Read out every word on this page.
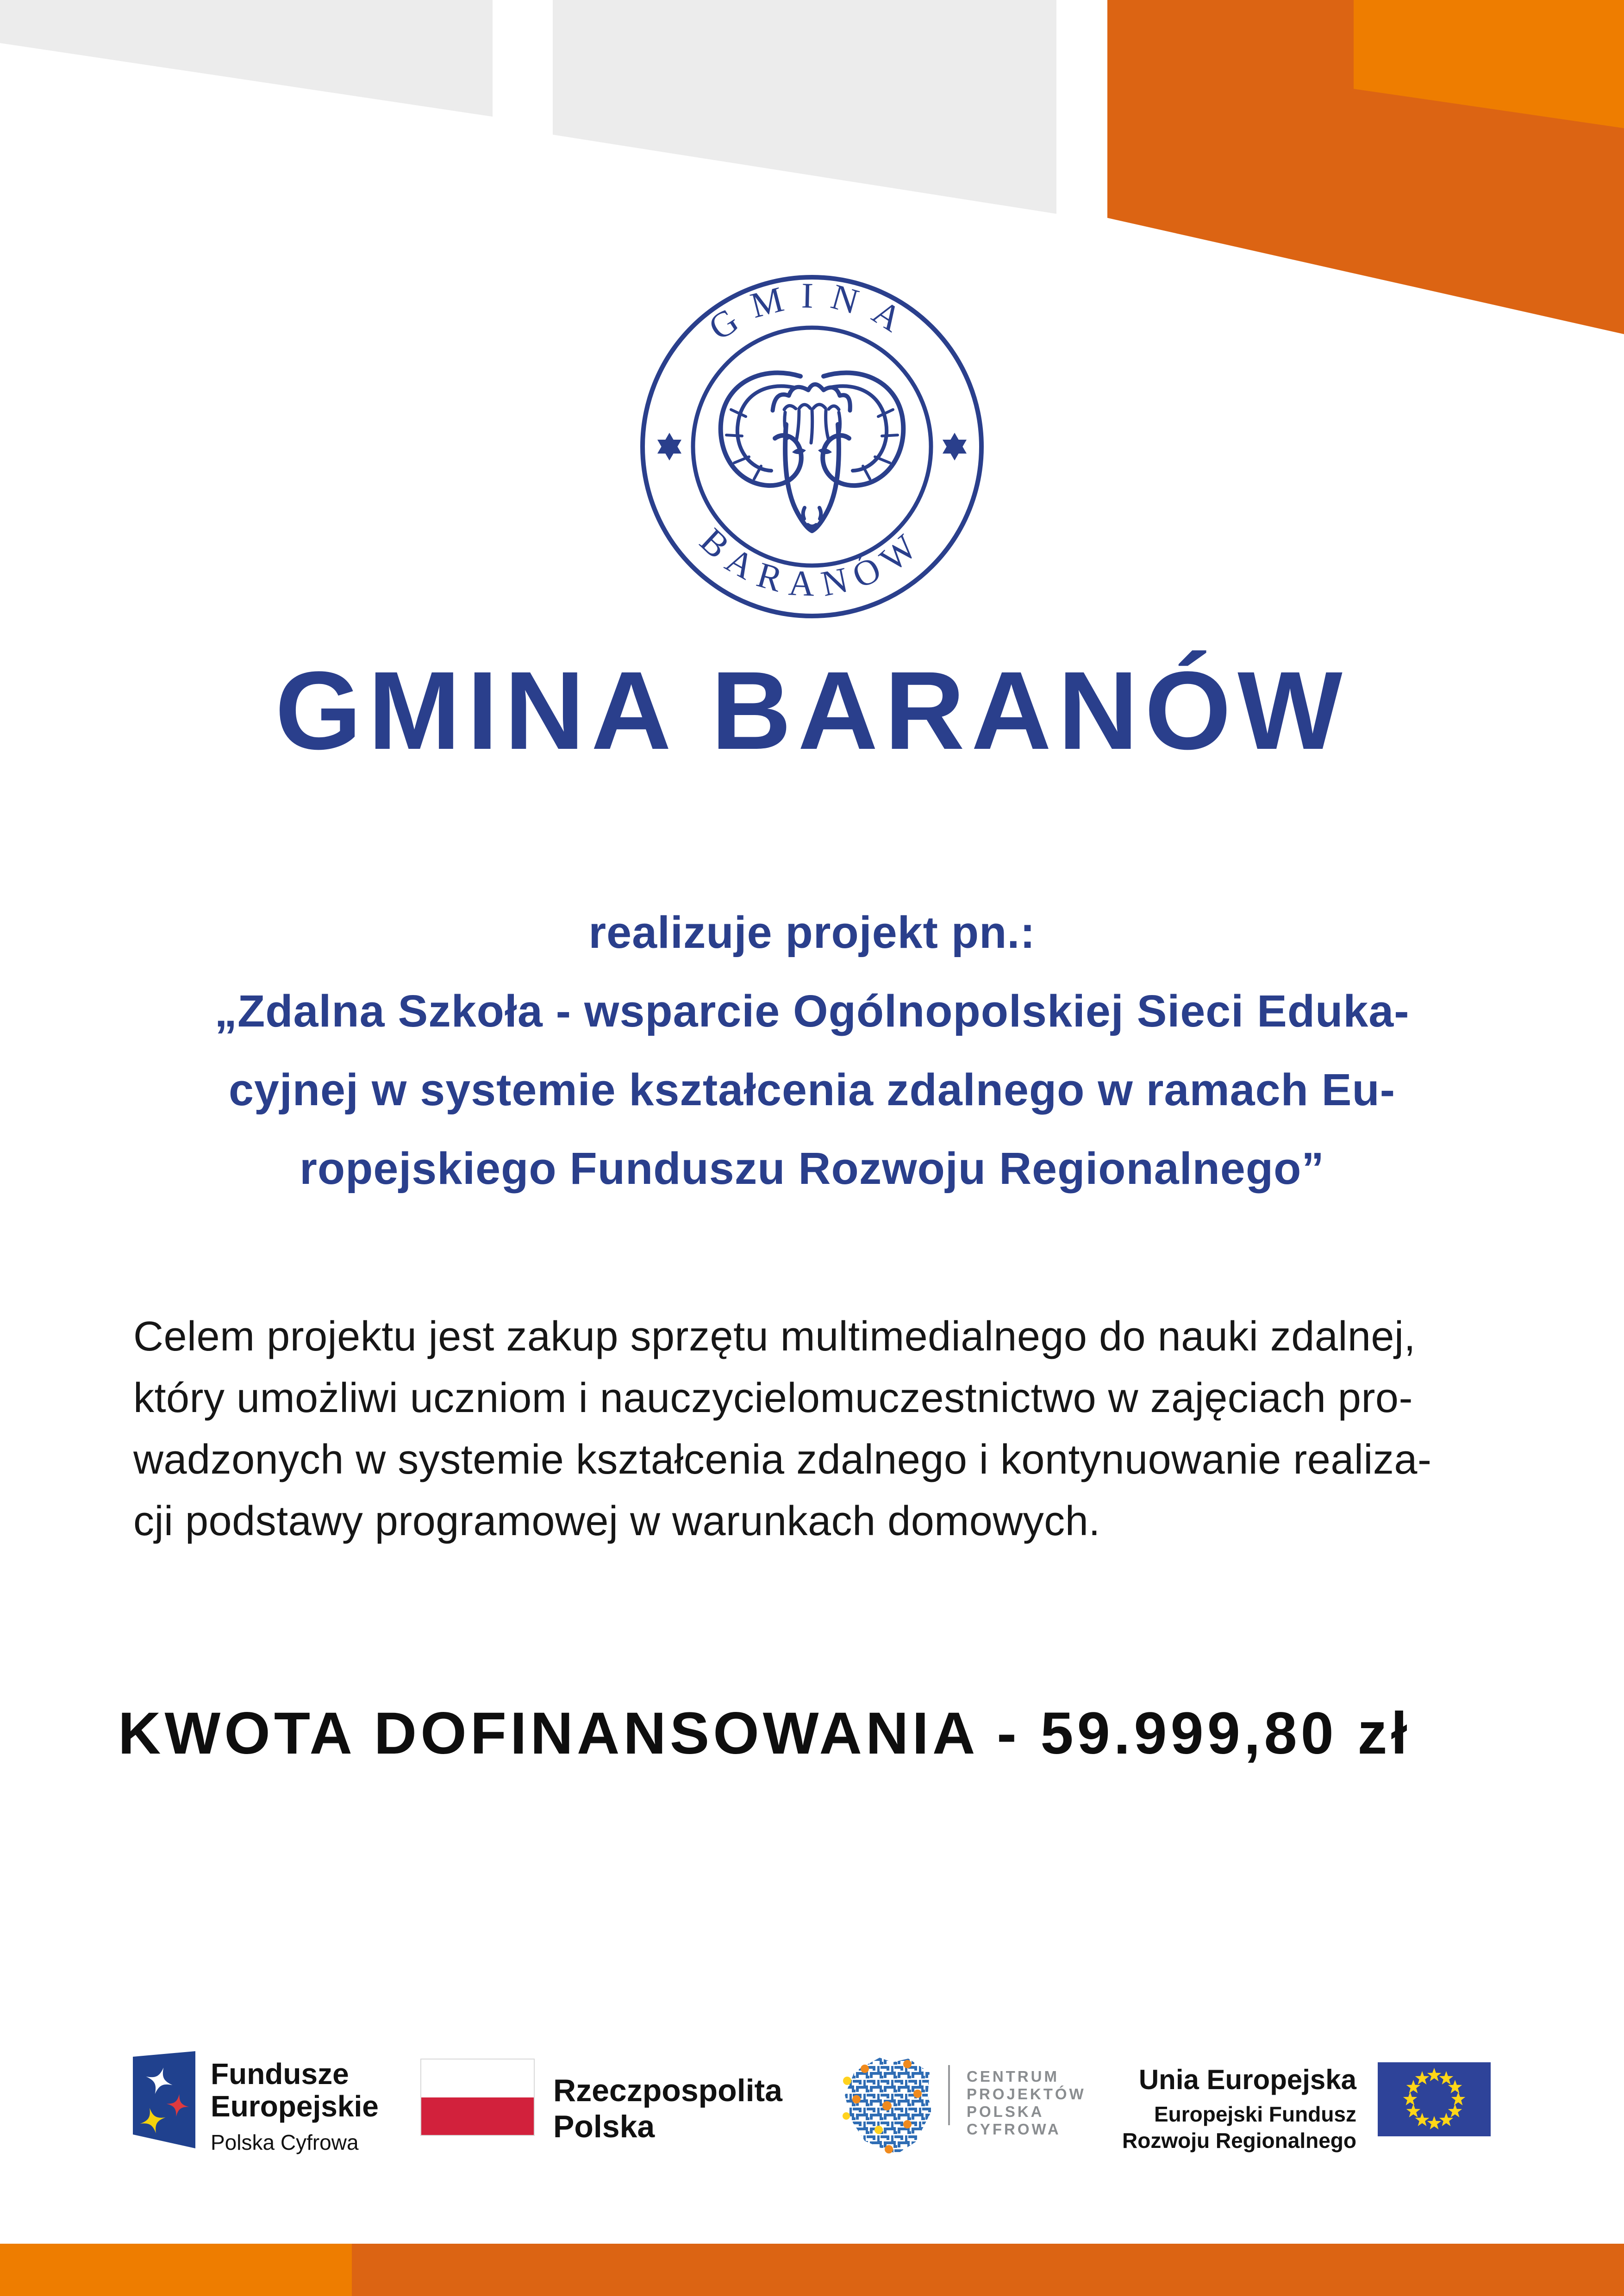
GMINA
BARANÓW
GMINA BARANÓW
realizuje projekt pn.:
„Zdalna Szkoła - wsparcie Ogólnopolskiej Sieci Eduka-
cyjnej w systemie kształcenia zdalnego w ramach Eu-
ropejskiego Funduszu Rozwoju Regionalnego”
Celem projektu jest zakup sprzętu multimedialnego do nauki zdalnej,
który umożliwi uczniom i nauczycielomuczestnictwo w zajęciach pro-
wadzonych w systemie kształcenia zdalnego i kontynuowanie realiza-
cji podstawy programowej w warunkach domowych.
KWOTA DOFINANSOWANIA - 59.999,80 zł
Fundusze
Europejskie
Polska Cyfrowa
Rzeczpospolita
Polska
CENTRUM
PROJEKTÓW
POLSKA
CYFROWA
Unia Europejska
Europejski Fundusz
Rozwoju Regionalnego
